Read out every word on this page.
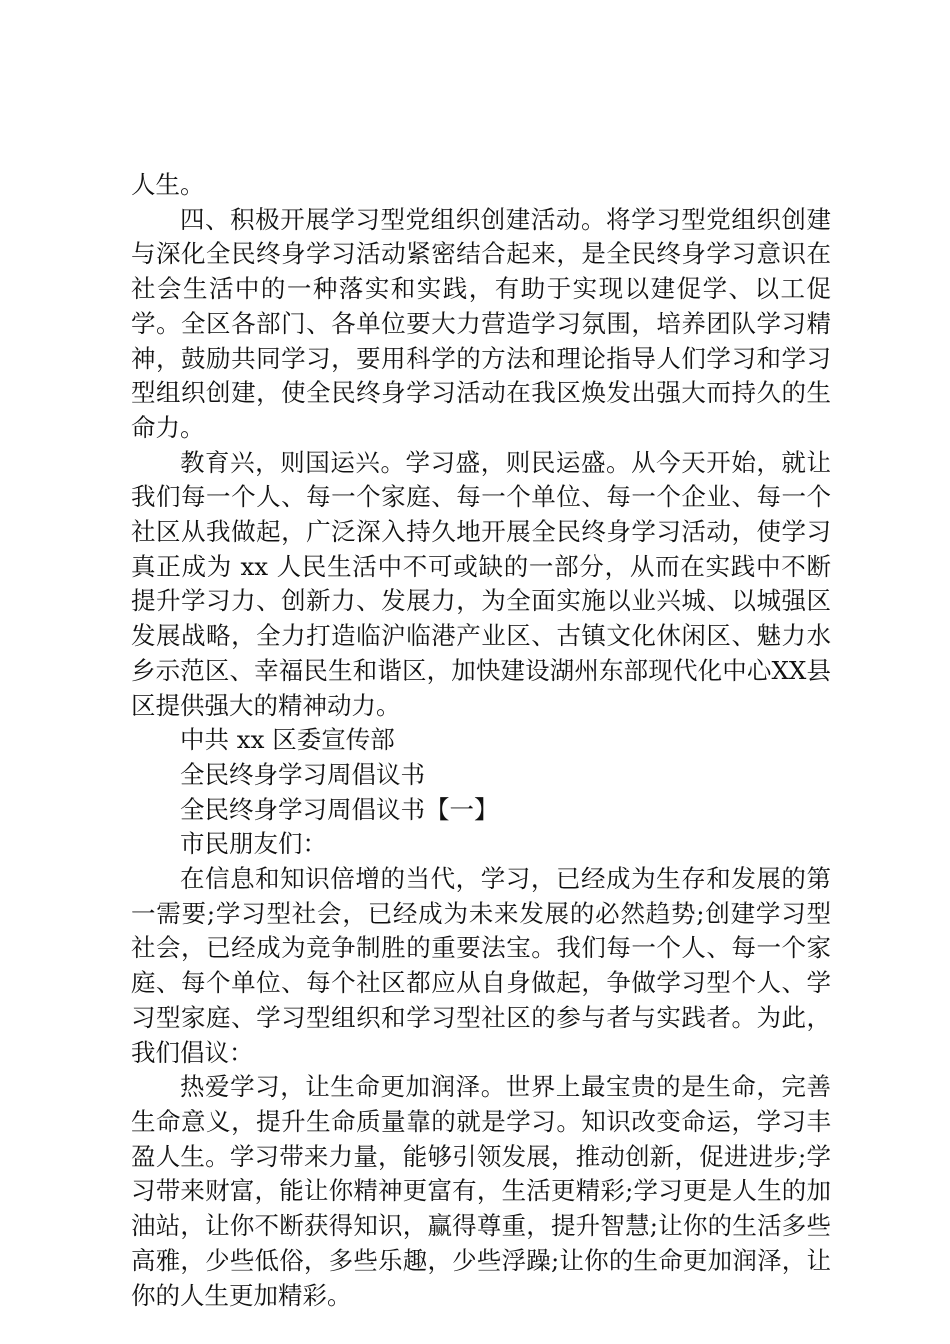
人生。

四、积极开展学习型党组织创建活动。将学习型党组织创建与深化全民终身学习活动紧密结合起来，是全民终身学习意识在社会生活中的一种落实和实践，有助于实现以建促学、以工促学。全区各部门、各单位要大力营造学习氛围，培养团队学习精神，鼓励共同学习，要用科学的方法和理论指导人们学习和学习型组织创建，使全民终身学习活动在我区焕发出强大而持久的生命力。

教育兴，则国运兴。学习盛，则民运盛。从今天开始，就让我们每一个人、每一个家庭、每一个单位、每一个企业、每一个社区从我做起，广泛深入持久地开展全民终身学习活动，使学习真正成为 xx 人民生活中不可或缺的一部分，从而在实践中不断提升学习力、创新力、发展力，为全面实施以业兴城、以城强区发展战略，全力打造临沪临港产业区、古镇文化休闲区、魅力水乡示范区、幸福民生和谐区，加快建设湖州东部现代化中心XX县区提供强大的精神动力。

中共 xx 区委宣传部

全民终身学习周倡议书

全民终身学习周倡议书【一】

市民朋友们：

在信息和知识倍增的当代，学习，已经成为生存和发展的第一需要;学习型社会，已经成为未来发展的必然趋势;创建学习型社会，已经成为竞争制胜的重要法宝。我们每一个人、每一个家庭、每个单位、每个社区都应从自身做起，争做学习型个人、学习型家庭、学习型组织和学习型社区的参与者与实践者。为此，我们倡议：

热爱学习，让生命更加润泽。世界上最宝贵的是生命，完善生命意义，提升生命质量靠的就是学习。知识改变命运，学习丰盈人生。学习带来力量，能够引领发展，推动创新，促进进步;学习带来财富，能让你精神更富有，生活更精彩;学习更是人生的加油站，让你不断获得知识，赢得尊重，提升智慧;让你的生活多些高雅，少些低俗，多些乐趣，少些浮躁;让你的生命更加润泽，让你的人生更加精彩。
